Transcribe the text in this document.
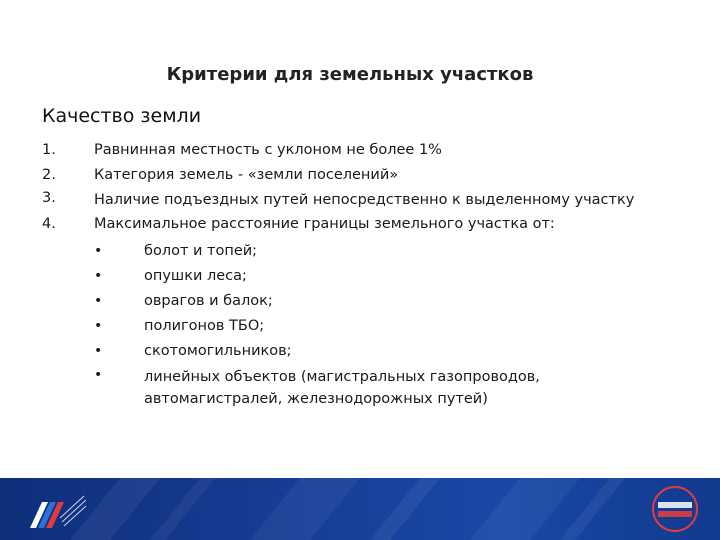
Критерии для земельных участков
Качество земли
1.	Равнинная местность с уклоном не более 1%
2.	Категория земель - «земли поселений»
3.	Наличие подъездных путей непосредственно к выделенному участку
4.	Максимальное расстояние границы земельного участка от:
•	болот и топей;
•	опушки леса;
•	оврагов и балок;
•	полигонов ТБО;
•	скотомогильников;
•	линейных объектов (магистральных газопроводов, автомагистралей, железнодорожных путей)
